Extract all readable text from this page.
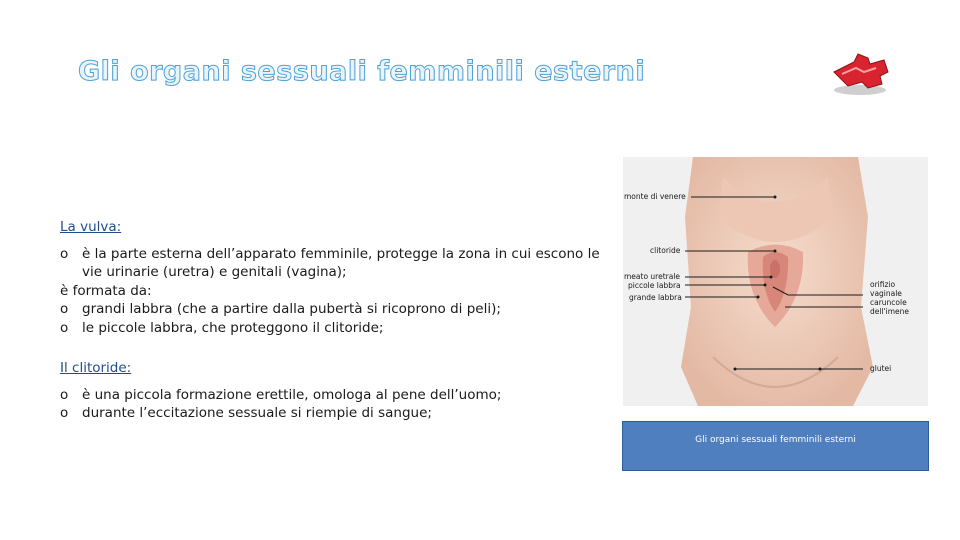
Gli organi sessuali femminili esterni

La vulva:

o è la parte esterna dell’apparato femminile, protegge la zona in cui escono le vie urinarie (uretra) e genitali (vagina);

è formata da:

o grandi labbra (che a partire dalla pubertà si ricoprono di peli);

o le piccole labbra, che proteggono il clitoride;

Il clitoride:

o è una piccola formazione erettile, omologa al pene dell’uomo;

o durante l’eccitazione sessuale si riempie di sangue;

monte di venere
clitoride
meato uretrale
piccole labbra
grande labbra
orifizio
vaginale
caruncole
dell'imene
glutei
Gli organi sessuali femminili esterni
